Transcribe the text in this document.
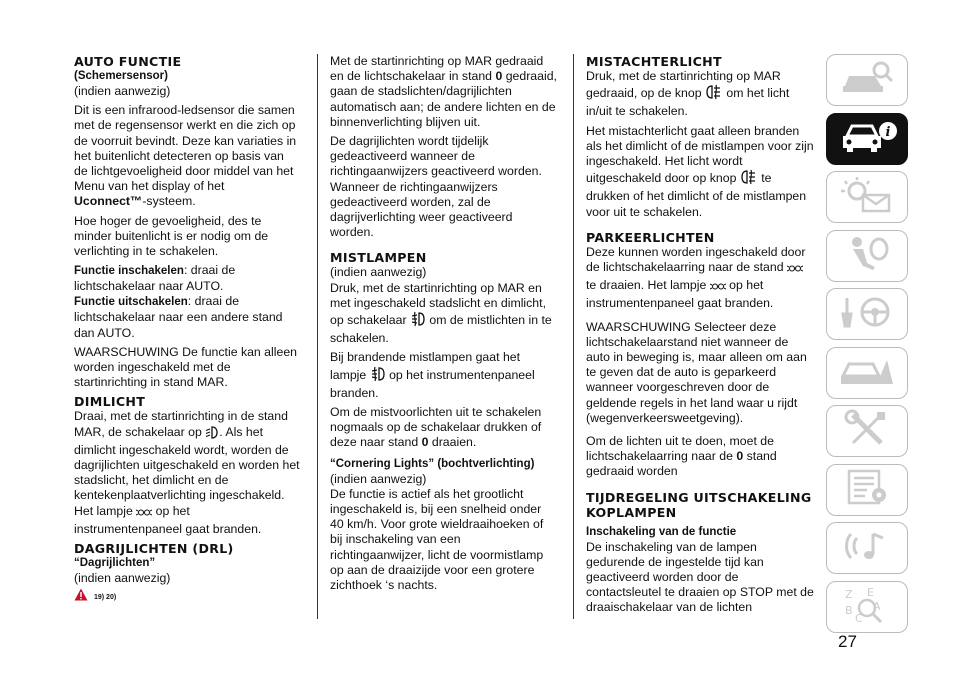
AUTO FUNCTIE
(Schemersensor)

(indien aanwezig)

Dit is een infrarood-ledsensor die samen met de regensensor werkt en die zich op de voorruit bevindt. Deze kan variaties in het buitenlicht detecteren op basis van de lichtgevoeligheid door middel van het Menu van het display of het Uconnect™-systeem.

Hoe hoger de gevoeligheid, des te minder buitenlicht is er nodig om de verlichting in te schakelen.

Functie inschakelen: draai de lichtschakelaar naar AUTO.

Functie uitschakelen: draai de lichtschakelaar naar een andere stand dan AUTO.

WAARSCHUWING De functie kan alleen worden ingeschakeld met de startinrichting in stand MAR.

DIMLICHT

Draai, met de startinrichting in de stand MAR, de schakelaar op . Als het dimlicht ingeschakeld wordt, worden de dagrijlichten uitgeschakeld en worden het stadslicht, het dimlicht en de kentekenplaatverlichting ingeschakeld. Het lampje  op het instrumentenpaneel gaat branden.

DAGRIJLICHTEN (DRL)
“Dagrijlichten”

(indien aanwezig)

19) 20)

Met de startinrichting op MAR gedraaid en de lichtschakelaar in stand 0 gedraaid, gaan de stadslichten/dagrijlichten automatisch aan; de andere lichten en de binnenverlichting blijven uit.

De dagrijlichten wordt tijdelijk gedeactiveerd wanneer de richtingaanwijzers geactiveerd worden. Wanneer de richtingaanwijzers gedeactiveerd worden, zal de dagrijverlichting weer geactiveerd worden.

MISTLAMPEN

(indien aanwezig)

Druk, met de startinrichting op MAR en met ingeschakeld stadslicht en dimlicht, op schakelaar  om de mistlichten in te schakelen.

Bij brandende mistlampen gaat het lampje  op het instrumentenpaneel branden.

Om de mistvoorlichten uit te schakelen nogmaals op de schakelaar drukken of deze naar stand 0 draaien.

“Cornering Lights” (bochtverlichting)

(indien aanwezig)

De functie is actief als het grootlicht ingeschakeld is, bij een snelheid onder 40 km/h. Voor grote wieldraaihoeken of bij inschakeling van een richtingaanwijzer, licht de voormistlamp op aan de draaizijde voor een grotere zichthoek ‘s nachts.

MISTACHTERLICHT

Druk, met de startinrichting op MAR gedraaid, op de knop  om het licht in/uit te schakelen.

Het mistachterlicht gaat alleen branden als het dimlicht of de mistlampen voor zijn ingeschakeld. Het licht wordt uitgeschakeld door op knop  te drukken of het dimlicht of de mistlampen voor uit te schakelen.

PARKEERLICHTEN

Deze kunnen worden ingeschakeld door de lichtschakelaarring naar de stand  te draaien. Het lampje  op het instrumentenpaneel gaat branden.

WAARSCHUWING Selecteer deze lichtschakelaarstand niet wanneer de auto in beweging is, maar alleen om aan te geven dat de auto is geparkeerd wanneer voorgeschreven door de geldende regels in het land waar u rijdt (wegenverkeersweetgeving).

Om de lichten uit te doen, moet de lichtschakelaarring naar de 0 stand gedraaid worden

TIJDREGELING UITSCHAKELING KOPLAMPEN
Inschakeling van de functie

De inschakeling van de lampen gedurende de ingestelde tijd kan geactiveerd worden door de contactsleutel te draaien op STOP met de draaischakelaar van de lichten

i
Z E
B A
C
27
